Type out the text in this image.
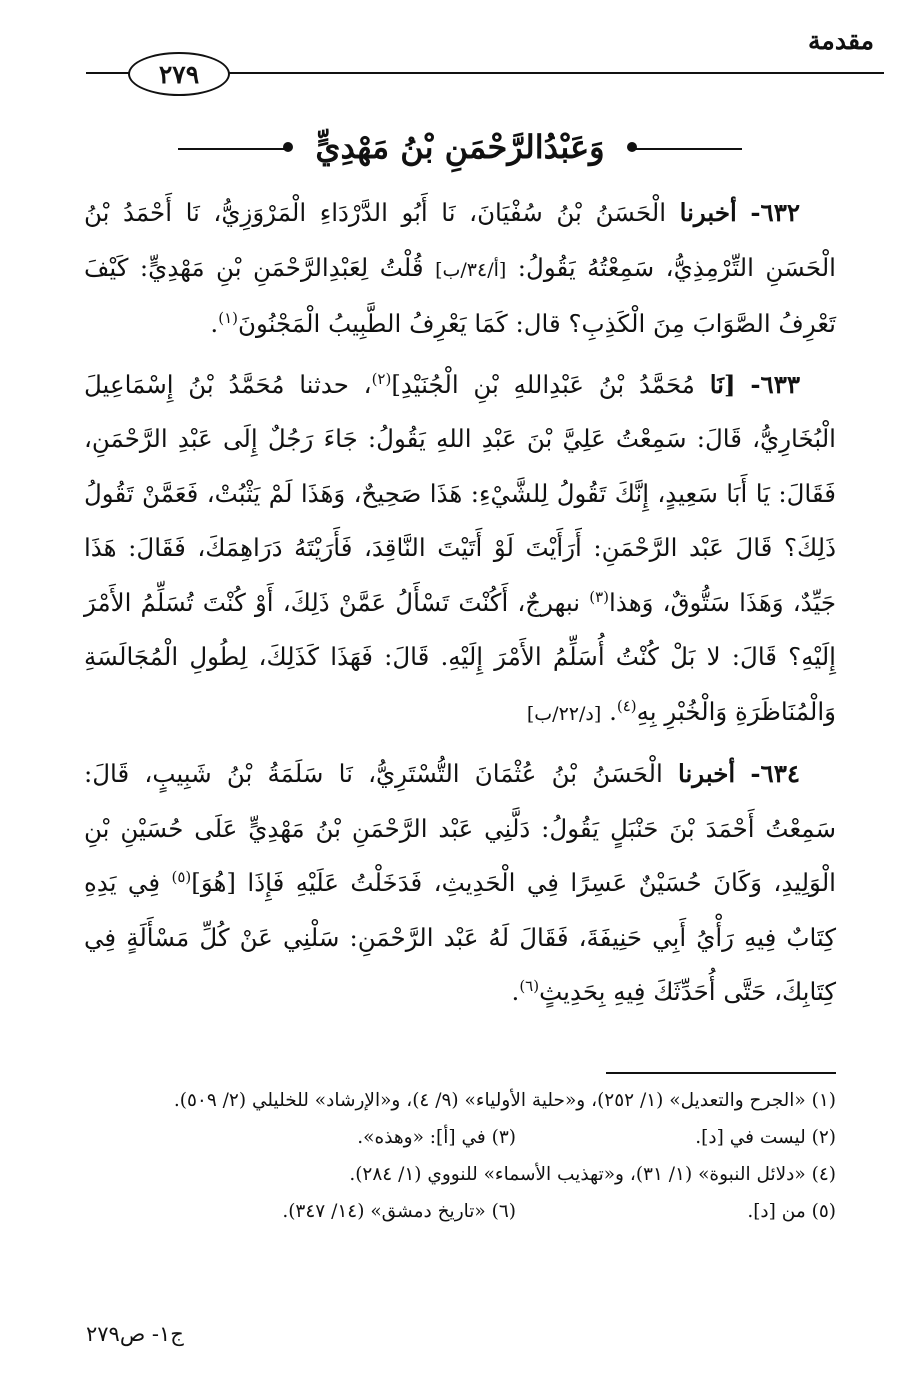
مقدمة
٢٧٩
وَعَبْدُالرَّحْمَنِ بْنُ مَهْدِيٍّ

٦٣٢- أخبرنا الْحَسَنُ بْنُ سُفْيَانَ، نَا أَبُو الدَّرْدَاءِ الْمَرْوَزِيُّ، نَا أَحْمَدُ بْنُ الْحَسَنِ التِّرْمِذِيُّ، سَمِعْتُهُ يَقُولُ: [أ/٣٤/ب] قُلْتُ لِعَبْدِالرَّحْمَنِ بْنِ مَهْدِيٍّ: كَيْفَ تَعْرِفُ الصَّوَابَ مِنَ الْكَذِبِ؟ قال: كَمَا يَعْرِفُ الطَّبِيبُ الْمَجْنُونَ$^{(١)}$.

٦٣٣- [نَا مُحَمَّدُ بْنُ عَبْدِاللهِ بْنِ الْجُنَيْدِ]$^{(٢)}$، حدثنا مُحَمَّدُ بْنُ إِسْمَاعِيلَ الْبُخَارِيُّ، قَالَ: سَمِعْتُ عَلِيَّ بْنَ عَبْدِ اللهِ يَقُولُ: جَاءَ رَجُلٌ إِلَى عَبْدِ الرَّحْمَنِ، فَقَالَ: يَا أَبَا سَعِيدٍ، إِنَّكَ تَقُولُ لِلشَّيْءِ: هَذَا صَحِيحٌ، وَهَذَا لَمْ يَثْبُتْ، فَعَمَّنْ تَقُولُ ذَلِكَ؟ قَالَ عَبْد الرَّحْمَنِ: أَرَأَيْتَ لَوْ أَتَيْتَ النَّاقِدَ، فَأَرَيْتَهُ دَرَاهِمَكَ، فَقَالَ: هَذَا جَيِّدٌ، وَهَذَا سَتُّوقٌ، وَهذا$^{(٣)}$ نبهرجٌ، أَكُنْتَ تَسْأَلُ عَمَّنْ ذَلِكَ، أَوْ كُنْتَ تُسَلِّمُ الأَمْرَ إِلَيْهِ؟ قَالَ: لا بَلْ كُنْتُ أُسَلِّمُ الأَمْرَ إِلَيْهِ. قَالَ: فَهَذَا كَذَلِكَ، لِطُولِ الْمُجَالَسَةِ وَالْمُنَاظَرَةِ وَالْخُبْرِ بِهِ$^{(٤)}$. [د/٢٢/ب]

٦٣٤- أخبرنا الْحَسَنُ بْنُ عُثْمَانَ التُّسْتَرِيُّ، نَا سَلَمَةُ بْنُ شَبِيبٍ، قَالَ: سَمِعْتُ أَحْمَدَ بْنَ حَنْبَلٍ يَقُولُ: دَلَّنِي عَبْد الرَّحْمَنِ بْنُ مَهْدِيٍّ عَلَى حُسَيْنِ بْنِ الْوَلِيدِ، وَكَانَ حُسَيْنٌ عَسِرًا فِي الْحَدِيثِ، فَدَخَلْتُ عَلَيْهِ فَإِذَا [هُوَ]$^{(٥)}$ فِي يَدِهِ كِتَابٌ فِيهِ رَأْيُ أَبِي حَنِيفَةَ، فَقَالَ لَهُ عَبْد الرَّحْمَنِ: سَلْنِي عَنْ كُلِّ مَسْأَلَةٍ فِي كِتَابِكَ، حَتَّى أُحَدِّثَكَ فِيهِ بِحَدِيثٍ$^{(٦)}$.

(١) «الجرح والتعديل» (١/ ٢٥٢)، و«حلية الأولياء» (٩/ ٤)، و«الإرشاد» للخليلي (٢/ ٥٠٩).
(٢) ليست في [د].
(٣) في [أ]: «وهذه».
(٤) «دلائل النبوة» (١/ ٣١)، و«تهذيب الأسماء» للنووي (١/ ٢٨٤).
(٥) من [د].
(٦) «تاريخ دمشق» (١٤/ ٣٤٧).
ج١- ص٢٧٩
